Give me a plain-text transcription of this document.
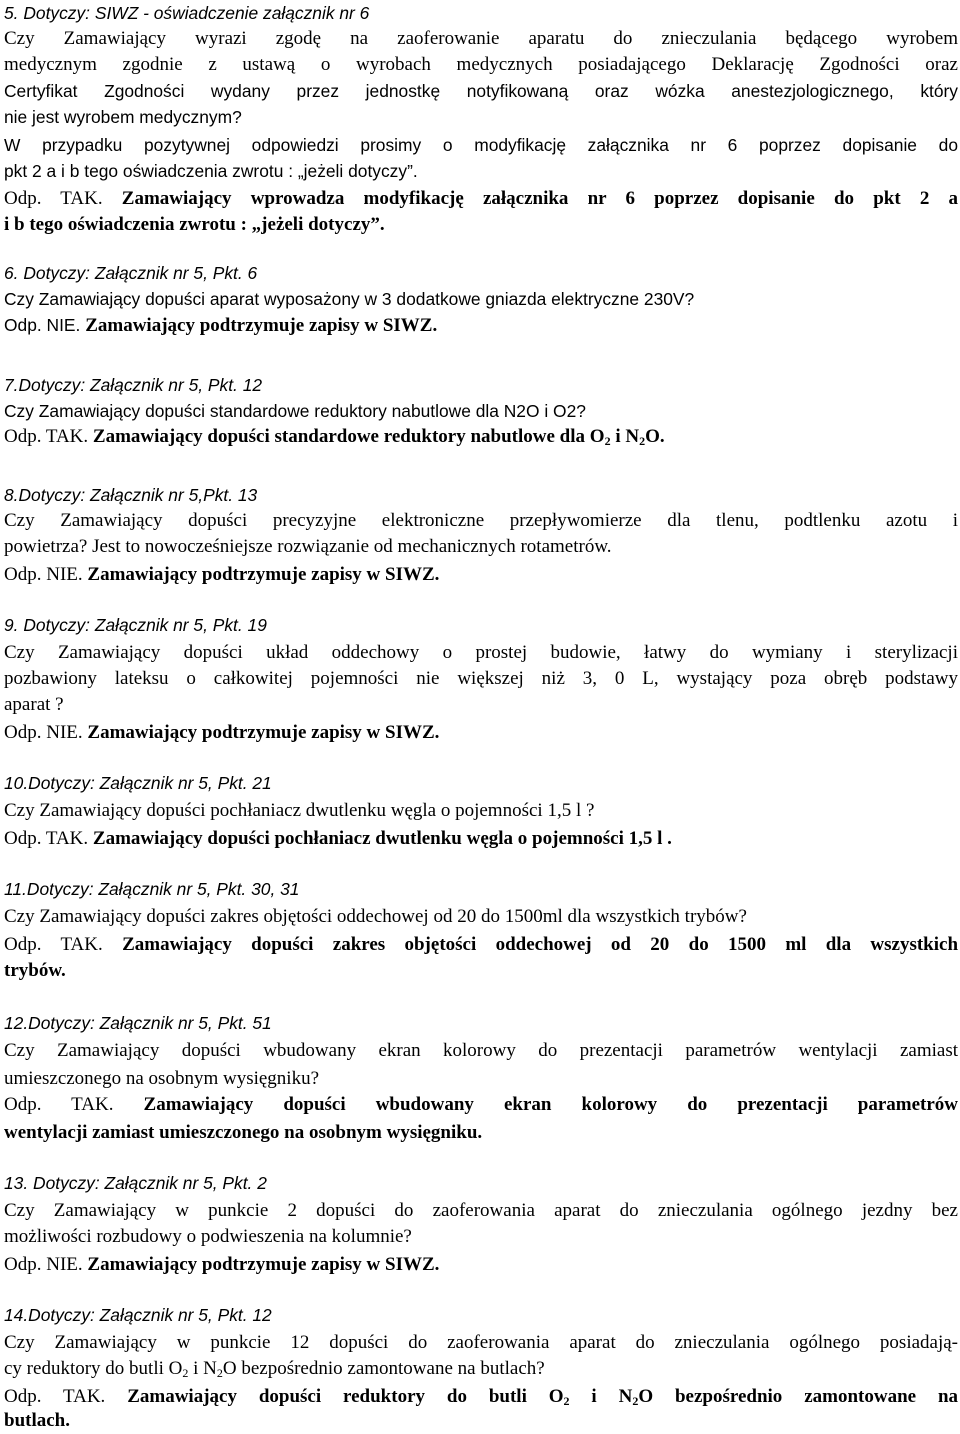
5. Dotyczy: SIWZ - oświadczenie załącznik nr 6
Czy Zamawiający wyrazi zgodę na zaoferowanie aparatu do znieczulania będącego wyrobem
medycznym zgodnie z ustawą o wyrobach medycznych posiadającego Deklarację Zgodności oraz
Certyfikat Zgodności wydany przez jednostkę notyfikowaną oraz wózka anestezjologicznego, który
nie jest wyrobem medycznym?
W przypadku pozytywnej odpowiedzi prosimy o modyfikację załącznika nr 6 poprzez dopisanie do
pkt 2 a i b tego oświadczenia zwrotu : „jeżeli dotyczy”.
Odp. TAK. Zamawiający wprowadza modyfikację załącznika nr 6 poprzez dopisanie do pkt 2 a
i b tego oświadczenia zwrotu : „jeżeli dotyczy”.
6. Dotyczy: Załącznik nr 5, Pkt. 6
Czy Zamawiający dopuści aparat wyposażony w 3 dodatkowe gniazda elektryczne 230V?
Odp. NIE. Zamawiający podtrzymuje zapisy w SIWZ.
7.Dotyczy: Załącznik nr 5, Pkt. 12
Czy Zamawiający dopuści standardowe reduktory nabutlowe dla N2O i O2?
Odp. TAK. Zamawiający dopuści standardowe reduktory nabutlowe dla $O_2$ i $N_2O$.
8.Dotyczy: Załącznik nr 5,Pkt. 13
Czy Zamawiający dopuści precyzyjne elektroniczne przepływomierze dla tlenu, podtlenku azotu i
powietrza? Jest to nowocześniejsze rozwiązanie od mechanicznych rotametrów.
Odp. NIE. Zamawiający podtrzymuje zapisy w SIWZ.
9. Dotyczy: Załącznik nr 5, Pkt. 19
Czy Zamawiający dopuści układ oddechowy o prostej budowie, łatwy do wymiany i sterylizacji
pozbawiony lateksu o całkowitej pojemności nie większej niż 3, 0 L, wystający poza obręb podstawy
aparat ?
Odp. NIE. Zamawiający podtrzymuje zapisy w SIWZ.
10.Dotyczy: Załącznik nr 5, Pkt. 21
Czy Zamawiający dopuści pochłaniacz dwutlenku węgla o pojemności 1,5 l ?
Odp. TAK. Zamawiający dopuści pochłaniacz dwutlenku węgla o pojemności 1,5 l .
11.Dotyczy: Załącznik nr 5, Pkt. 30, 31
Czy Zamawiający dopuści zakres objętości oddechowej od 20 do 1500ml dla wszystkich trybów?
Odp. TAK. Zamawiający dopuści zakres objętości oddechowej od 20 do 1500 ml dla wszystkich
trybów.
12.Dotyczy: Załącznik nr 5, Pkt. 51
Czy Zamawiający dopuści wbudowany ekran kolorowy do prezentacji parametrów wentylacji zamiast
umieszczonego na osobnym wysięgniku?
Odp. TAK. Zamawiający dopuści wbudowany ekran kolorowy do prezentacji parametrów
wentylacji zamiast umieszczonego na osobnym wysięgniku.
13. Dotyczy: Załącznik nr 5, Pkt. 2
Czy Zamawiający w punkcie 2 dopuści do zaoferowania aparat do znieczulania ogólnego jezdny bez
możliwości rozbudowy o podwieszenia na kolumnie?
Odp. NIE. Zamawiający podtrzymuje zapisy w SIWZ.
14.Dotyczy: Załącznik nr 5, Pkt. 12
Czy Zamawiający w punkcie 12 dopuści do zaoferowania aparat do znieczulania ogólnego posiadają-
cy reduktory do butli $O_2$ i $N_2O$ bezpośrednio zamontowane na butlach?
Odp. TAK. Zamawiający dopuści reduktory do butli $O_2$ i $N_2O$ bezpośrednio zamontowane na
butlach.
